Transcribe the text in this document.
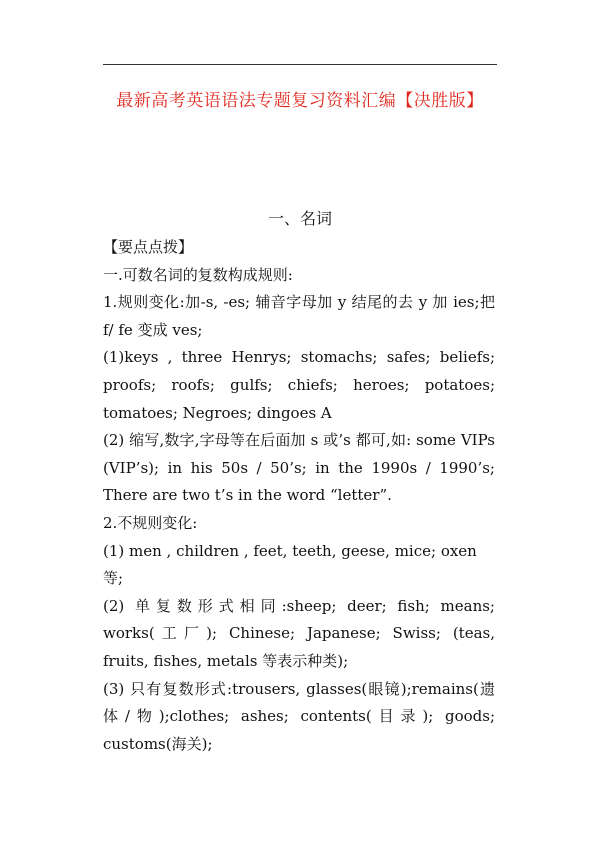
最新高考英语语法专题复习资料汇编【决胜版】
一、名词

【要点点拨】

一.可数名词的复数构成规则:

1.规则变化:加-s, -es; 辅音字母加 y 结尾的去 y 加 ies;把 f/ fe 变成 ves;

(1)keys , three Henrys; stomachs; safes; beliefs; proofs; roofs; gulfs; chiefs; heroes; potatoes; tomatoes; Negroes; dingoes A

(2) 缩写,数字,字母等在后面加 s 或’s 都可,如: some VIPs (VIP’s); in his 50s / 50’s; in the 1990s / 1990’s; There are two t’s in the word “letter”.

2.不规则变化:

(1) men , children , feet, teeth, geese, mice; oxen 等;

(2) 单复数形式相同:sheep; deer; fish; means; works(工厂); Chinese; Japanese; Swiss; (teas, fruits, fishes, metals 等表示种类);

(3) 只有复数形式:trousers, glasses(眼镜);remains(遗体/物);clothes; ashes; contents(目录); goods; customs(海关);
